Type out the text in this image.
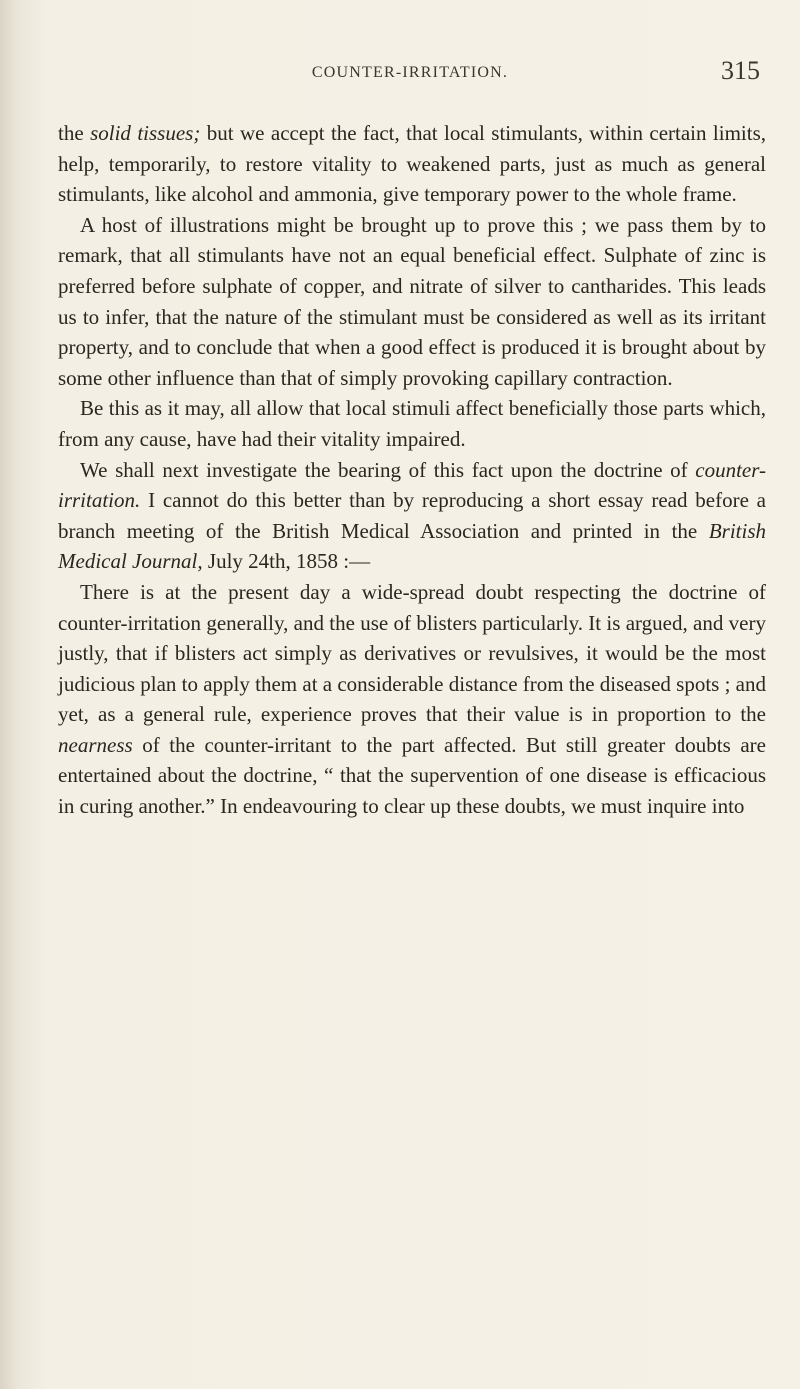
COUNTER-IRRITATION.	315

the solid tissues; but we accept the fact, that local stimulants, within certain limits, help, temporarily, to restore vitality to weakened parts, just as much as general stimulants, like alcohol and ammonia, give temporary power to the whole frame.

A host of illustrations might be brought up to prove this ; we pass them by to remark, that all stimulants have not an equal beneficial effect. Sulphate of zinc is preferred before sulphate of copper, and nitrate of silver to cantharides. This leads us to infer, that the nature of the stimulant must be considered as well as its irritant property, and to conclude that when a good effect is produced it is brought about by some other influence than that of simply provoking capillary contraction.

Be this as it may, all allow that local stimuli affect beneficially those parts which, from any cause, have had their vitality impaired.

We shall next investigate the bearing of this fact upon the doctrine of counter-irritation. I cannot do this better than by reproducing a short essay read before a branch meeting of the British Medical Association and printed in the British Medical Journal, July 24th, 1858 :—

There is at the present day a wide-spread doubt respecting the doctrine of counter-irritation generally, and the use of blisters particularly. It is argued, and very justly, that if blisters act simply as derivatives or revulsives, it would be the most judicious plan to apply them at a considerable distance from the diseased spots ; and yet, as a general rule, experience proves that their value is in proportion to the nearness of the counter-irritant to the part affected. But still greater doubts are entertained about the doctrine, “ that the supervention of one disease is efficacious in curing another.” In endeavouring to clear up these doubts, we must inquire into
